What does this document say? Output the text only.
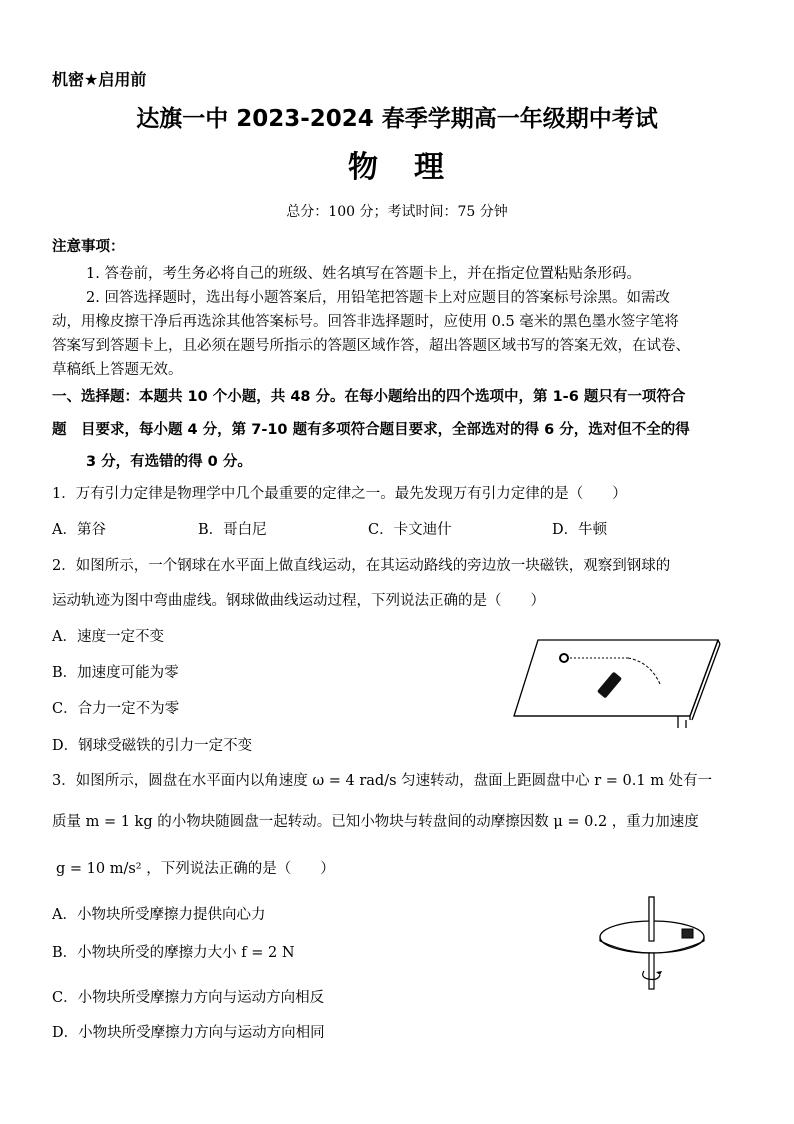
机密★启用前
达旗一中 2023-2024 春季学期高一年级期中考试
物 理
总分：100 分；考试时间：75 分钟
注意事项：
1. 答卷前，考生务必将自己的班级、姓名填写在答题卡上，并在指定位置粘贴条形码。
2. 回答选择题时，选出每小题答案后，用铅笔把答题卡上对应题目的答案标号涂黑。如需改
动，用橡皮擦干净后再选涂其他答案标号。回答非选择题时，应使用 0.5 毫米的黑色墨水签字笔将
答案写到答题卡上，且必须在题号所指示的答题区域作答，超出答题区域书写的答案无效，在试卷、
草稿纸上答题无效。
一、选择题：本题共 10 个小题，共 48 分。在每小题给出的四个选项中，第 1-6 题只有一项符合
题　目要求，每小题 4 分，第 7-10 题有多项符合题目要求，全部选对的得 6 分，选对但不全的得
3 分，有选错的得 0 分。
1．万有引力定律是物理学中几个最重要的定律之一。最先发现万有引力定律的是（　　）
A．第谷	B．哥白尼	C．卡文迪什	D．牛顿
2．如图所示，一个钢球在水平面上做直线运动，在其运动路线的旁边放一块磁铁，观察到钢球的
运动轨迹为图中弯曲虚线。钢球做曲线运动过程，下列说法正确的是（　　）
A．速度一定不变
B．加速度可能为零
C．合力一定不为零
D．钢球受磁铁的引力一定不变
3．如图所示，圆盘在水平面内以角速度 ω = 4 rad/s 匀速转动，盘面上距圆盘中心 r = 0.1 m 处有一
质量 m = 1 kg 的小物块随圆盘一起转动。已知小物块与转盘间的动摩擦因数 μ = 0.2 ，重力加速度
g = 10 m/s² ，下列说法正确的是（　　）
A．小物块所受摩擦力提供向心力
B．小物块所受的摩擦力大小 f = 2 N
C．小物块所受摩擦力方向与运动方向相反
D．小物块所受摩擦力方向与运动方向相同
